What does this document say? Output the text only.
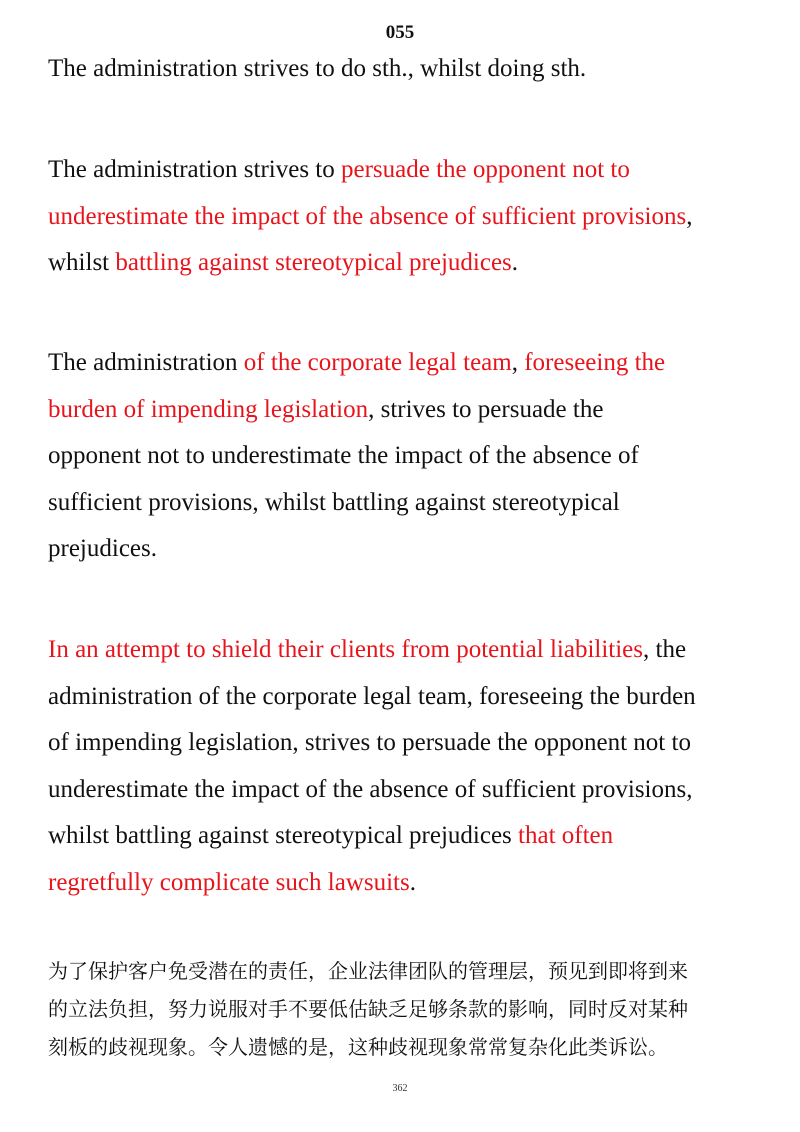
055

The administration strives to do sth., whilst doing sth.

The administration strives to persuade the opponent not to
underestimate the impact of the absence of sufficient provisions,
whilst battling against stereotypical prejudices.

The administration of the corporate legal team, foreseeing the
burden of impending legislation, strives to persuade the
opponent not to underestimate the impact of the absence of
sufficient provisions, whilst battling against stereotypical
prejudices.

In an attempt to shield their clients from potential liabilities, the
administration of the corporate legal team, foreseeing the burden
of impending legislation, strives to persuade the opponent not to
underestimate the impact of the absence of sufficient provisions,
whilst battling against stereotypical prejudices that often
regretfully complicate such lawsuits.

为了保护客户免受潜在的责任，企业法律团队的管理层，预见到即将到来
的立法负担，努力说服对手不要低估缺乏足够条款的影响，同时反对某种
刻板的歧视现象。令人遗憾的是，这种歧视现象常常复杂化此类诉讼。

362
